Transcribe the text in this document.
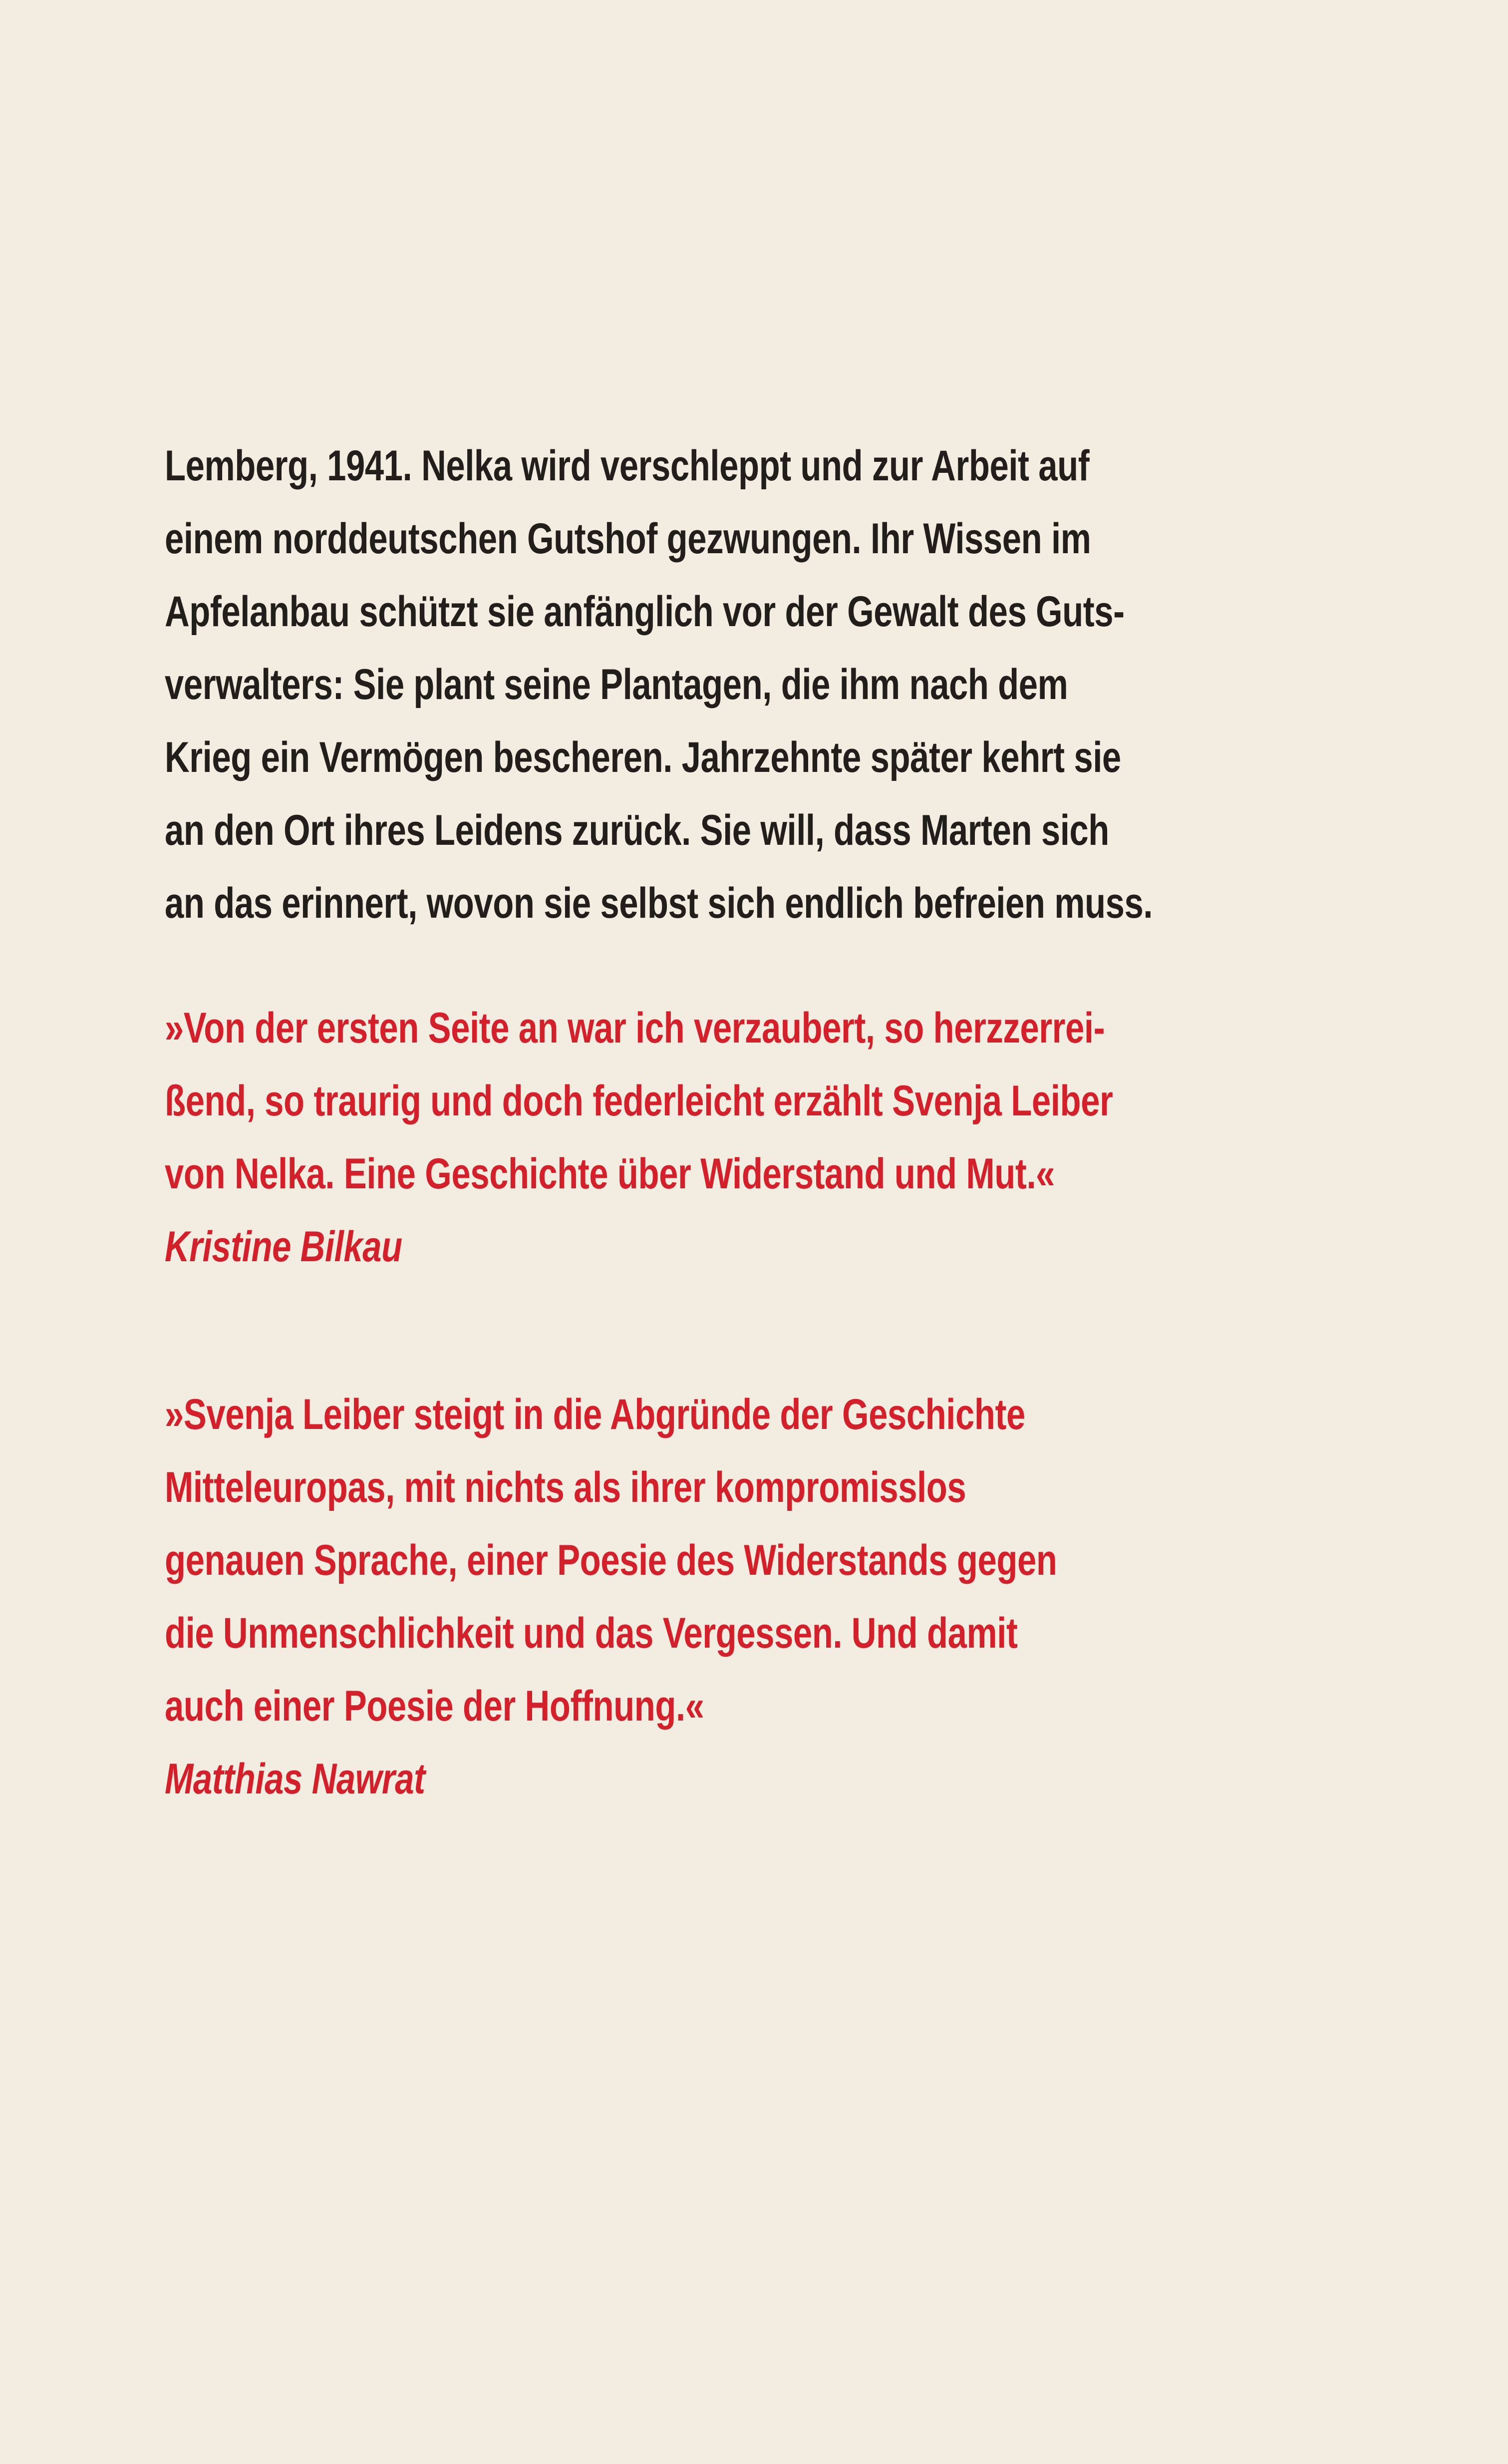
Lemberg, 1941. Nelka wird verschleppt und zur Arbeit auf
einem norddeutschen Gutshof gezwungen. Ihr Wissen im
Apfelanbau schützt sie anfänglich vor der Gewalt des Guts-
verwalters: Sie plant seine Plantagen, die ihm nach dem
Krieg ein Vermögen bescheren. Jahrzehnte später kehrt sie
an den Ort ihres Leidens zurück. Sie will, dass Marten sich
an das erinnert, wovon sie selbst sich endlich befreien muss.
»Von der ersten Seite an war ich verzaubert, so herzzerrei-
ßend, so traurig und doch federleicht erzählt Svenja Leiber
von Nelka. Eine Geschichte über Widerstand und Mut.«
Kristine Bilkau
»Svenja Leiber steigt in die Abgründe der Geschichte
Mitteleuropas, mit nichts als ihrer kompromisslos
genauen Sprache, einer Poesie des Widerstands gegen
die Unmenschlichkeit und das Vergessen. Und damit
auch einer Poesie der Hoffnung.«
Matthias Nawrat
